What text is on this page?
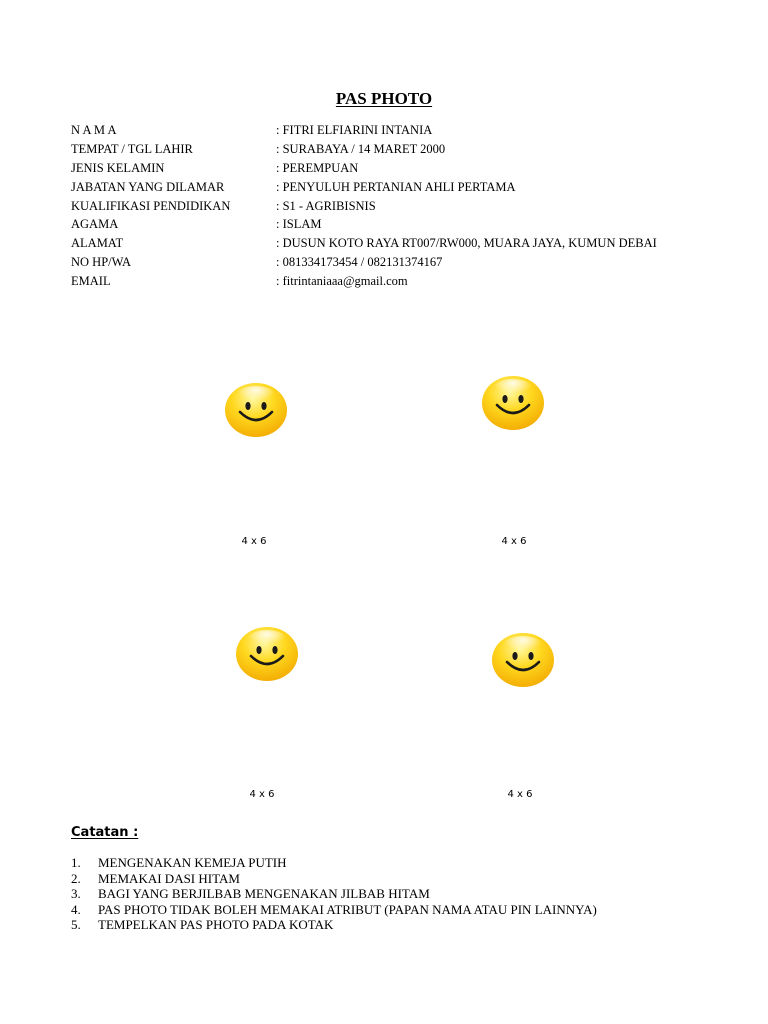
PAS PHOTO
N A M A	: FITRI ELFIARINI INTANIA
TEMPAT / TGL LAHIR	: SURABAYA / 14 MARET 2000
JENIS KELAMIN	: PEREMPUAN
JABATAN YANG DILAMAR	: PENYULUH PERTANIAN AHLI PERTAMA
KUALIFIKASI PENDIDIKAN	: S1 - AGRIBISNIS
AGAMA	: ISLAM
ALAMAT	: DUSUN KOTO RAYA RT007/RW000, MUARA JAYA, KUMUN DEBAI
NO HP/WA	: 081334173454 / 082131374167
EMAIL	: fitrintaniaaa@gmail.com
4 x 6	4 x 6
4 x 6	4 x 6
Catatan :
1. MENGENAKAN KEMEJA PUTIH
2. MEMAKAI DASI HITAM
3. BAGI YANG BERJILBAB MENGENAKAN JILBAB HITAM
4. PAS PHOTO TIDAK BOLEH MEMAKAI ATRIBUT (PAPAN NAMA ATAU PIN LAINNYA)
5. TEMPELKAN PAS PHOTO PADA KOTAK
